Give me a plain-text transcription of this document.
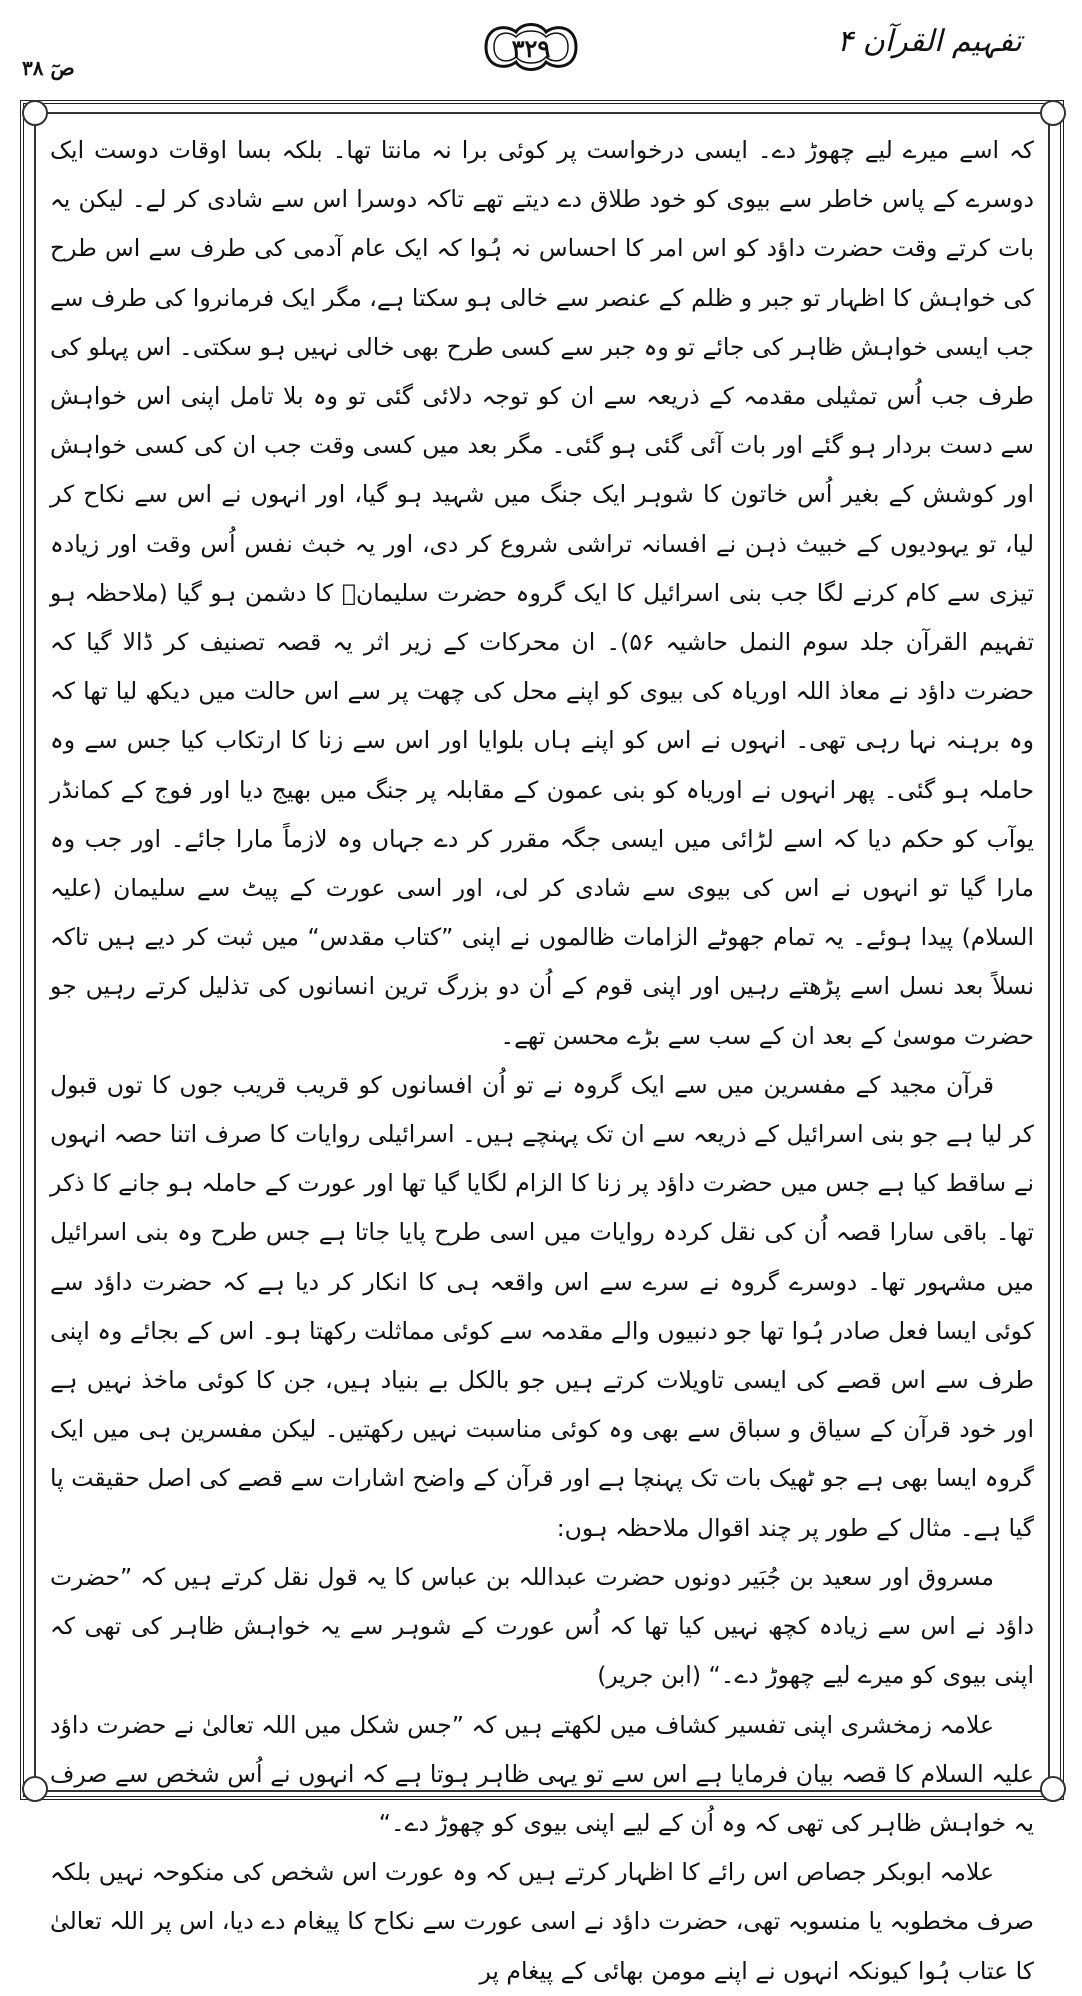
تفہیم القرآن ۴
۳۲۹
صٓ ۳۸

کہ اسے میرے لیے چھوڑ دے۔ ایسی درخواست پر کوئی برا نہ مانتا تھا۔ بلکہ بسا اوقات دوست ایک دوسرے کے پاس خاطر سے بیوی کو خود طلاق دے دیتے تھے تاکہ دوسرا اس سے شادی کر لے۔ لیکن یہ بات کرتے وقت حضرت داؤد کو اس امر کا احساس نہ ہُوا کہ ایک عام آدمی کی طرف سے اس طرح کی خواہش کا اظہار تو جبر و ظلم کے عنصر سے خالی ہو سکتا ہے، مگر ایک فرمانروا کی طرف سے جب ایسی خواہش ظاہر کی جائے تو وہ جبر سے کسی طرح بھی خالی نہیں ہو سکتی۔ اس پہلو کی طرف جب اُس تمثیلی مقدمہ کے ذریعہ سے ان کو توجہ دلائی گئی تو وہ بلا تامل اپنی اس خواہش سے دست بردار ہو گئے اور بات آئی گئی ہو گئی۔ مگر بعد میں کسی وقت جب ان کی کسی خواہش اور کوشش کے بغیر اُس خاتون کا شوہر ایک جنگ میں شہید ہو گیا، اور انہوں نے اس سے نکاح کر لیا، تو یہودیوں کے خبیث ذہن نے افسانہ تراشی شروع کر دی، اور یہ خبث نفس اُس وقت اور زیادہ تیزی سے کام کرنے لگا جب بنی اسرائیل کا ایک گروہ حضرت سلیمانؑ کا دشمن ہو گیا (ملاحظہ ہو تفہیم القرآن جلد سوم النمل حاشیہ ۵۶)۔ ان محرکات کے زیر اثر یہ قصہ تصنیف کر ڈالا گیا کہ حضرت داؤد نے معاذ اللہ اوریاہ کی بیوی کو اپنے محل کی چھت پر سے اس حالت میں دیکھ لیا تھا کہ وہ برہنہ نہا رہی تھی۔ انہوں نے اس کو اپنے ہاں بلوایا اور اس سے زنا کا ارتکاب کیا جس سے وہ حاملہ ہو گئی۔ پھر انہوں نے اوریاہ کو بنی عمون کے مقابلہ پر جنگ میں بھیج دیا اور فوج کے کمانڈر یوآب کو حکم دیا کہ اسے لڑائی میں ایسی جگہ مقرر کر دے جہاں وہ لازماً مارا جائے۔ اور جب وہ مارا گیا تو انہوں نے اس کی بیوی سے شادی کر لی، اور اسی عورت کے پیٹ سے سلیمان (علیہ السلام) پیدا ہوئے۔ یہ تمام جھوٹے الزامات ظالموں نے اپنی ”کتاب مقدس“ میں ثبت کر دیے ہیں تاکہ نسلاً بعد نسل اسے پڑھتے رہیں اور اپنی قوم کے اُن دو بزرگ ترین انسانوں کی تذلیل کرتے رہیں جو حضرت موسیٰ کے بعد ان کے سب سے بڑے محسن تھے۔

قرآن مجید کے مفسرین میں سے ایک گروہ نے تو اُن افسانوں کو قریب قریب جوں کا توں قبول کر لیا ہے جو بنی اسرائیل کے ذریعہ سے ان تک پہنچے ہیں۔ اسرائیلی روایات کا صرف اتنا حصہ انہوں نے ساقط کیا ہے جس میں حضرت داؤد پر زنا کا الزام لگایا گیا تھا اور عورت کے حاملہ ہو جانے کا ذکر تھا۔ باقی سارا قصہ اُن کی نقل کردہ روایات میں اسی طرح پایا جاتا ہے جس طرح وہ بنی اسرائیل میں مشہور تھا۔ دوسرے گروہ نے سرے سے اس واقعہ ہی کا انکار کر دیا ہے کہ حضرت داؤد سے کوئی ایسا فعل صادر ہُوا تھا جو دنبیوں والے مقدمہ سے کوئی مماثلت رکھتا ہو۔ اس کے بجائے وہ اپنی طرف سے اس قصے کی ایسی تاویلات کرتے ہیں جو بالکل بے بنیاد ہیں، جن کا کوئی ماخذ نہیں ہے اور خود قرآن کے سیاق و سباق سے بھی وہ کوئی مناسبت نہیں رکھتیں۔ لیکن مفسرین ہی میں ایک گروہ ایسا بھی ہے جو ٹھیک بات تک پہنچا ہے اور قرآن کے واضح اشارات سے قصے کی اصل حقیقت پا گیا ہے۔ مثال کے طور پر چند اقوال ملاحظہ ہوں:

مسروق اور سعید بن جُبَیر دونوں حضرت عبداللہ بن عباس کا یہ قول نقل کرتے ہیں کہ ”حضرت داؤد نے اس سے زیادہ کچھ نہیں کیا تھا کہ اُس عورت کے شوہر سے یہ خواہش ظاہر کی تھی کہ اپنی بیوی کو میرے لیے چھوڑ دے۔“ (ابن جریر)

علامہ زمخشری اپنی تفسیر کشاف میں لکھتے ہیں کہ ”جس شکل میں اللہ تعالیٰ نے حضرت داؤد علیہ السلام کا قصہ بیان فرمایا ہے اس سے تو یہی ظاہر ہوتا ہے کہ انہوں نے اُس شخص سے صرف یہ خواہش ظاہر کی تھی کہ وہ اُن کے لیے اپنی بیوی کو چھوڑ دے۔“

علامہ ابوبکر جصاص اس رائے کا اظہار کرتے ہیں کہ وہ عورت اس شخص کی منکوحہ نہیں بلکہ صرف مخطوبہ یا منسوبہ تھی، حضرت داؤد نے اسی عورت سے نکاح کا پیغام دے دیا، اس پر اللہ تعالیٰ کا عتاب ہُوا کیونکہ انہوں نے اپنے مومن بھائی کے پیغام پر
